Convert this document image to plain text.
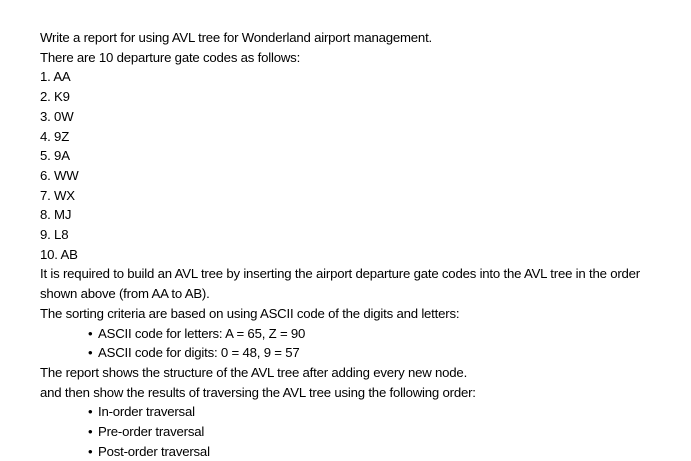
Write a report for using AVL tree for Wonderland airport management.
There are 10 departure gate codes as follows:
1. AA
2. K9
3. 0W
4. 9Z
5. 9A
6. WW
7. WX
8. MJ
9. L8
10. AB
It is required to build an AVL tree by inserting the airport departure gate codes into the AVL tree in the order shown above (from AA to AB).
The sorting criteria are based on using ASCII code of the digits and letters:
• ASCII code for letters: A = 65, Z = 90
• ASCII code for digits: 0 = 48, 9 = 57
The report shows the structure of the AVL tree after adding every new node.
and then show the results of traversing the AVL tree using the following order:
• In-order traversal
• Pre-order traversal
• Post-order traversal
